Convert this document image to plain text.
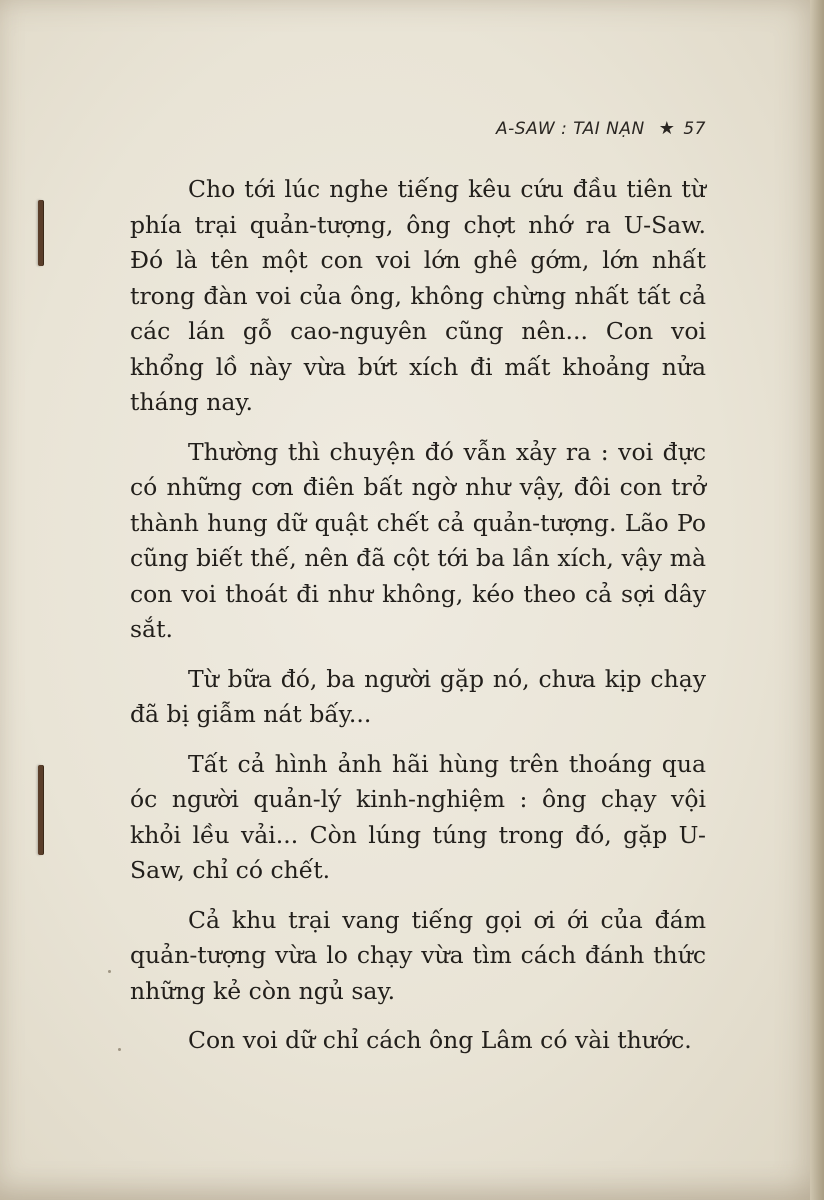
A-SAW : TAI NẠN ★ 57

Cho tới lúc nghe tiếng kêu cứu đầu tiên từ phía trại quản-tượng, ông chợt nhớ ra U-Saw. Đó là tên một con voi lớn ghê gớm, lớn nhất trong đàn voi của ông, không chừng nhất tất cả các lán gỗ cao-nguyên cũng nên... Con voi khổng lồ này vừa bứt xích đi mất khoảng nửa tháng nay.

Thường thì chuyện đó vẫn xảy ra : voi đực có những cơn điên bất ngờ như vậy, đôi con trở thành hung dữ quật chết cả quản-tượng. Lão Po cũng biết thế, nên đã cột tới ba lần xích, vậy mà con voi thoát đi như không, kéo theo cả sợi dây sắt.

Từ bữa đó, ba người gặp nó, chưa kịp chạy đã bị giẫm nát bấy...

Tất cả hình ảnh hãi hùng trên thoáng qua óc người quản-lý kinh-nghiệm : ông chạy vội khỏi lều vải... Còn lúng túng trong đó, gặp U-Saw, chỉ có chết.

Cả khu trại vang tiếng gọi ơi ới của đám quản-tượng vừa lo chạy vừa tìm cách đánh thức những kẻ còn ngủ say.

Con voi dữ chỉ cách ông Lâm có vài thước.
